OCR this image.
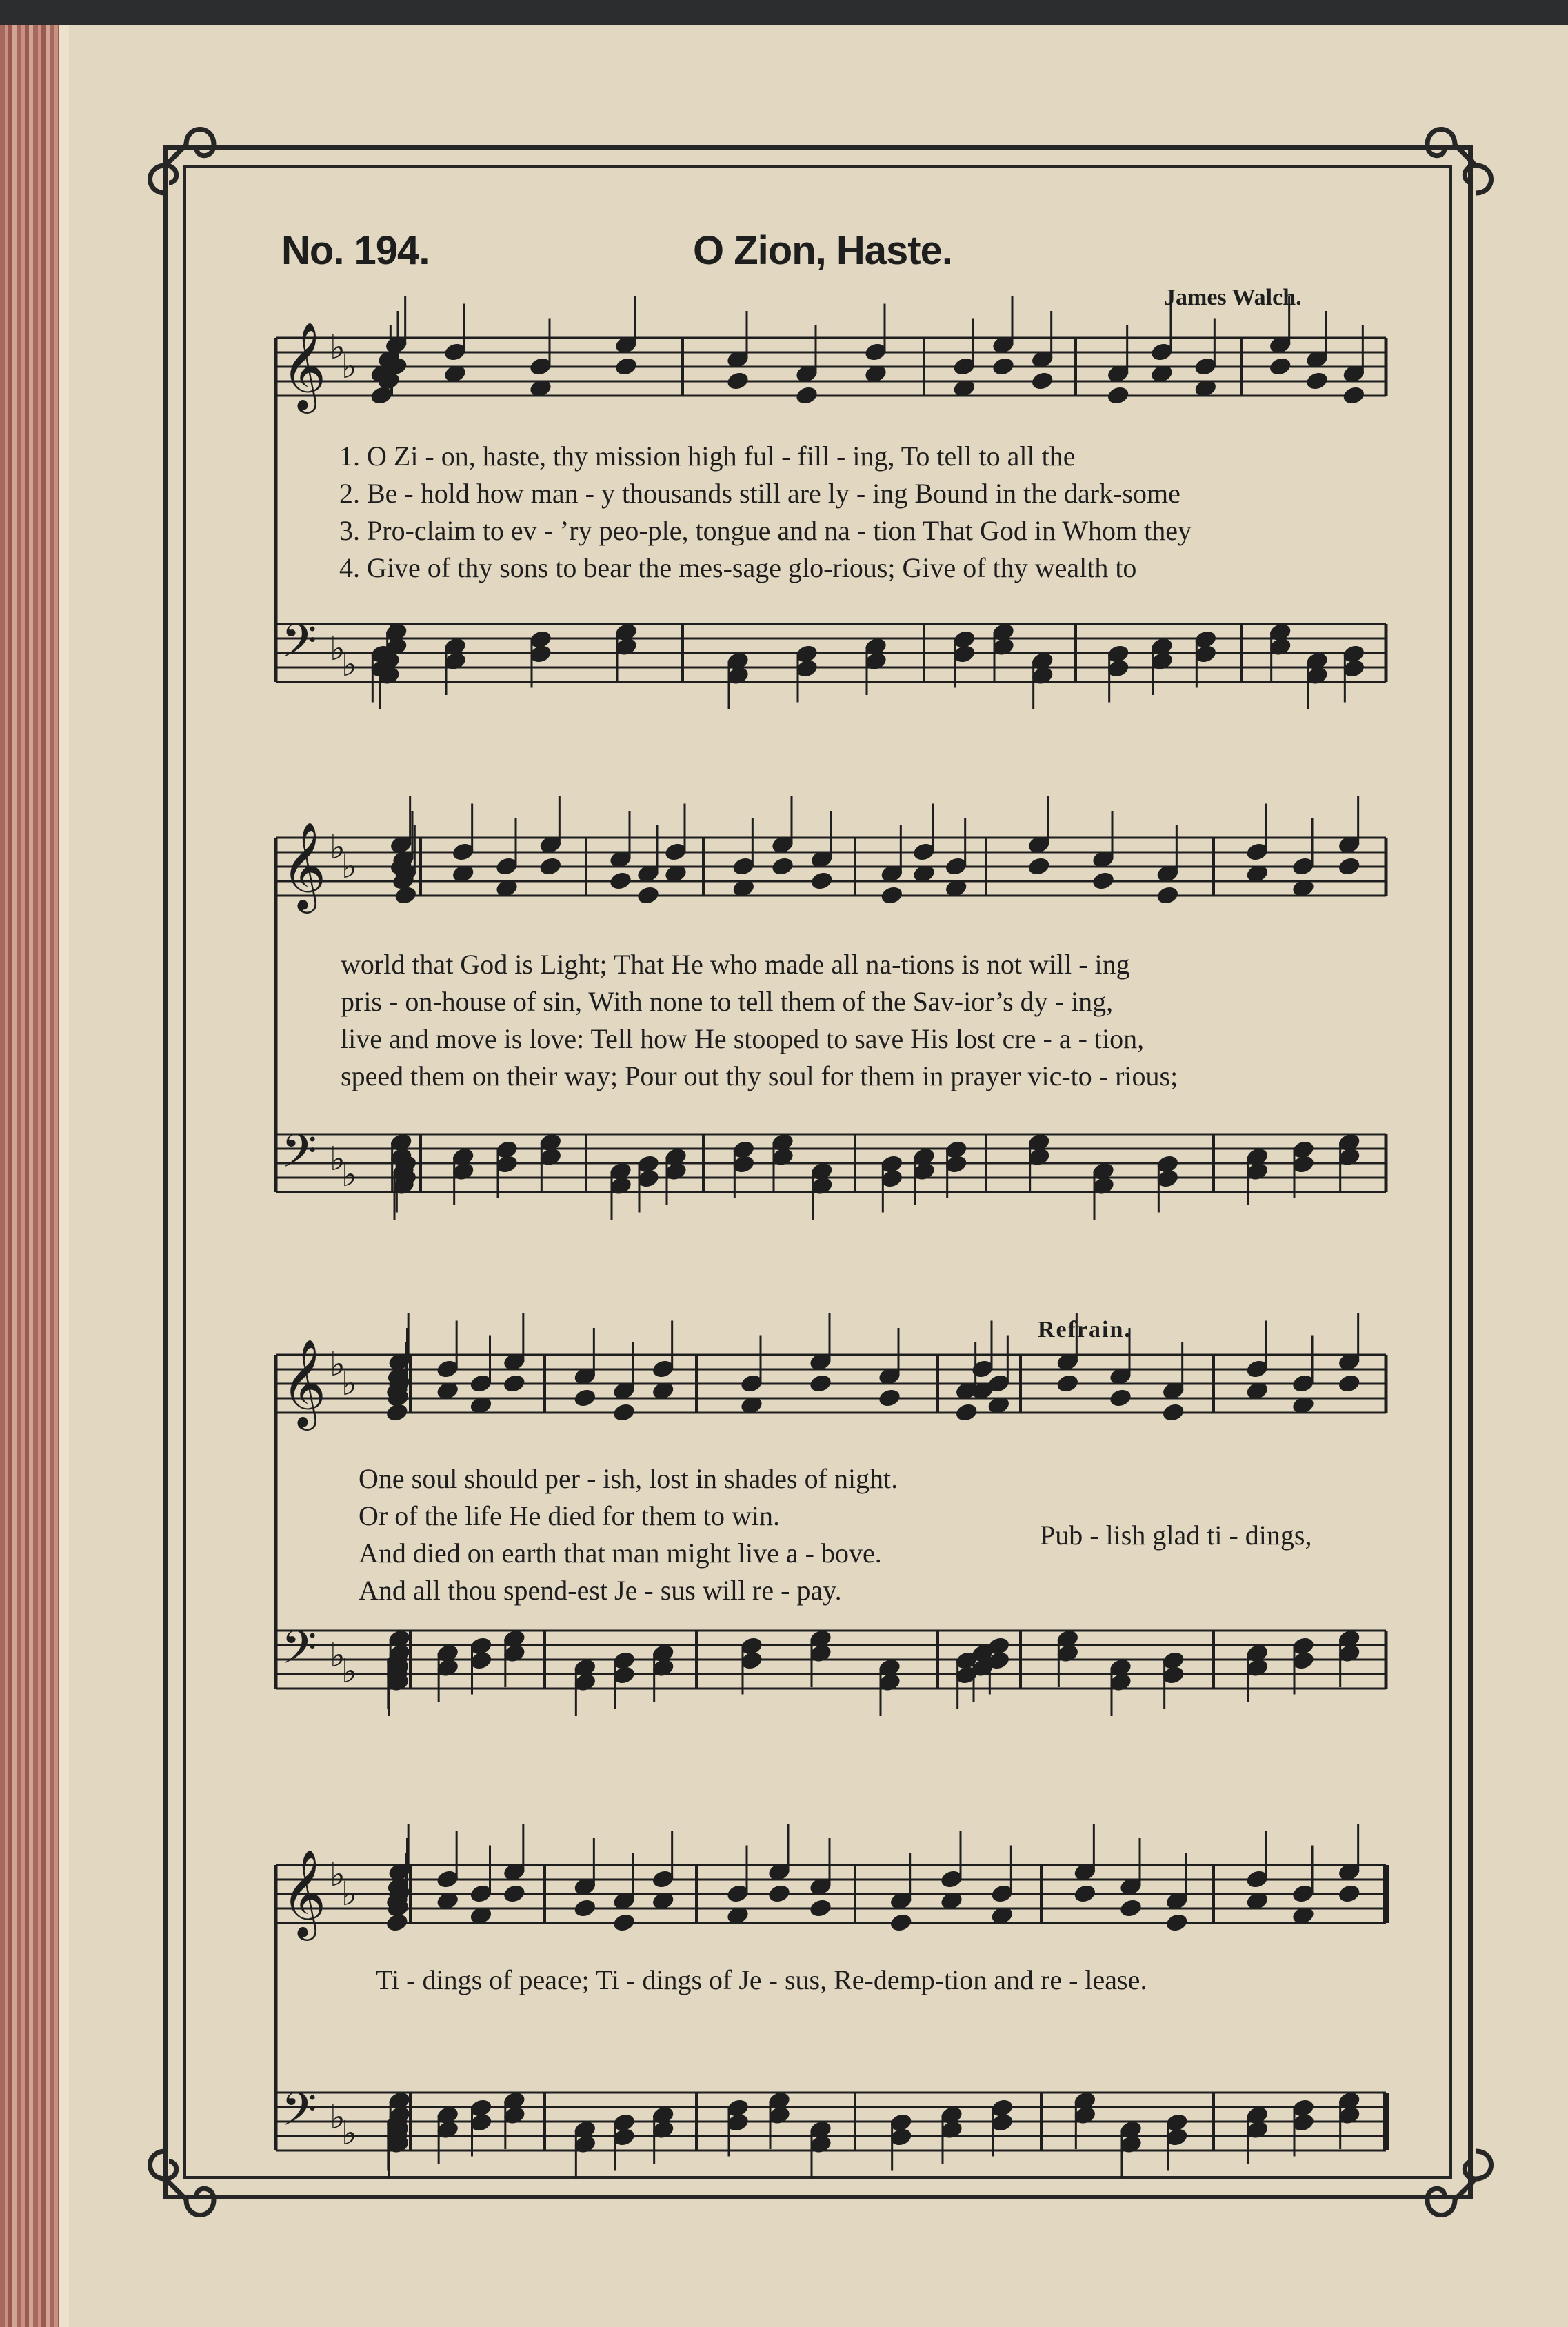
No. 194.	O Zion, Haste.
James Walch.
Refrain.
𝄞 ♭
♭
𝄢 ♭
♭
𝄞 ♭
♭
𝄢 ♭
♭
𝄞 ♭
♭
𝄢 ♭
♭
𝄞 ♭
♭
𝄢 ♭
♭
1. O Zi - on, haste, thy mission high ful - fill - ing, To tell to all the
2. Be - hold how man - y thousands still are ly - ing Bound in the dark-some
3. Pro-claim to ev - ’ry peo-ple, tongue and na - tion That God in Whom they
4. Give of thy sons to bear the mes-sage glo-rious; Give of thy wealth to
world that God is Light; That He who made all na-tions is not will - ing
pris - on-house of sin, With none to tell them of the Sav-ior’s dy - ing,
live and move is love: Tell how He stooped to save His lost cre - a - tion,
speed them on their way; Pour out thy soul for them in prayer vic-to - rious;
One soul should per - ish, lost in shades of night.
Or of the life He died for them to win.
And died on earth that man might live a - bove.
And all thou spend-est Je - sus will re - pay.
Pub - lish glad ti - dings,
Ti - dings of peace; Ti - dings of Je - sus, Re-demp-tion and re - lease.
